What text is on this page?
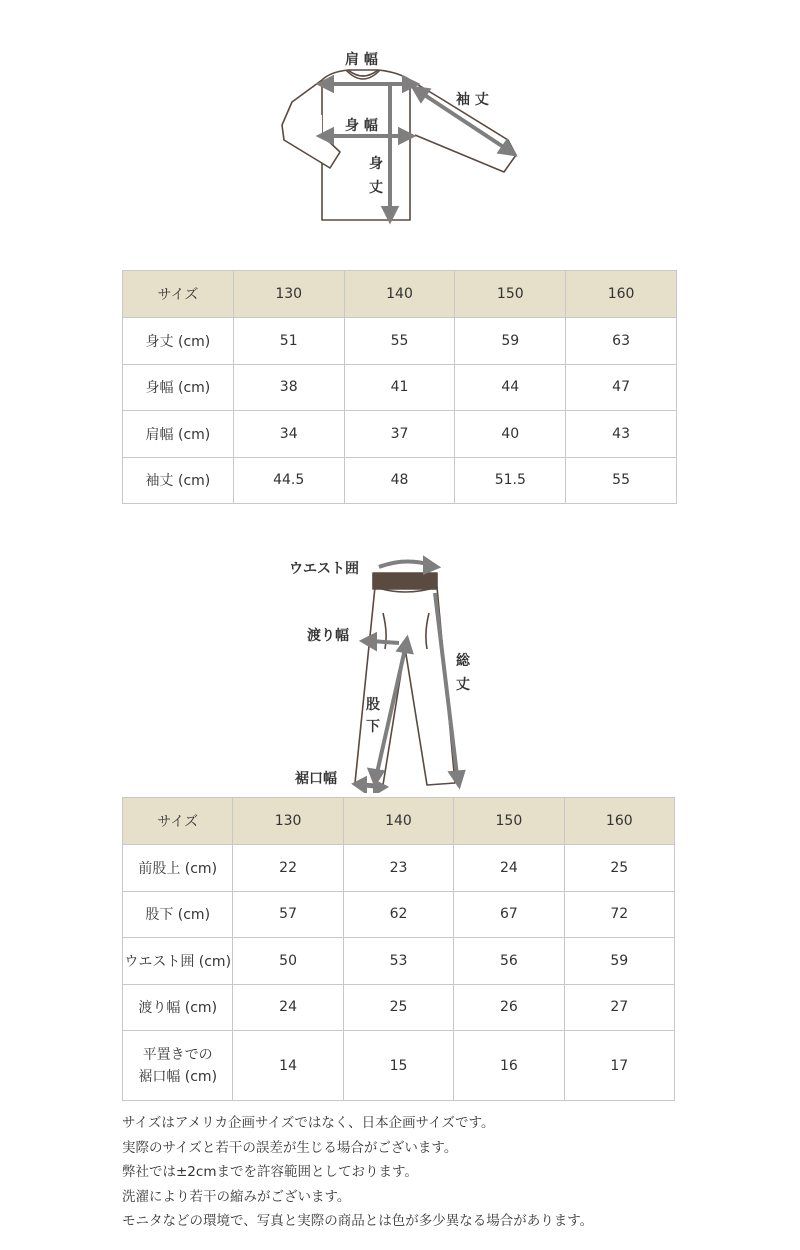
肩 幅
身 幅
袖 丈
身
丈
サイズ	130	140	150	160
身丈 (cm)	51	55	59	63
身幅 (cm)	38	41	44	47
肩幅 (cm)	34	37	40	43
袖丈 (cm)	44.5	48	51.5	55
ウエスト囲
渡り幅
股
下
総
丈
裾口幅
サイズ	130	140	150	160
前股上 (cm)	22	23	24	25
股下 (cm)	57	62	67	72
ウエスト囲 (cm)	50	53	56	59
渡り幅 (cm)	24	25	26	27
平置きでの
裾口幅 (cm)	14	15	16	17
サイズはアメリカ企画サイズではなく、日本企画サイズです。
実際のサイズと若干の誤差が生じる場合がございます。
弊社では±2cmまでを許容範囲としております。
洗濯により若干の縮みがございます。
モニタなどの環境で、写真と実際の商品とは色が多少異なる場合があります。
